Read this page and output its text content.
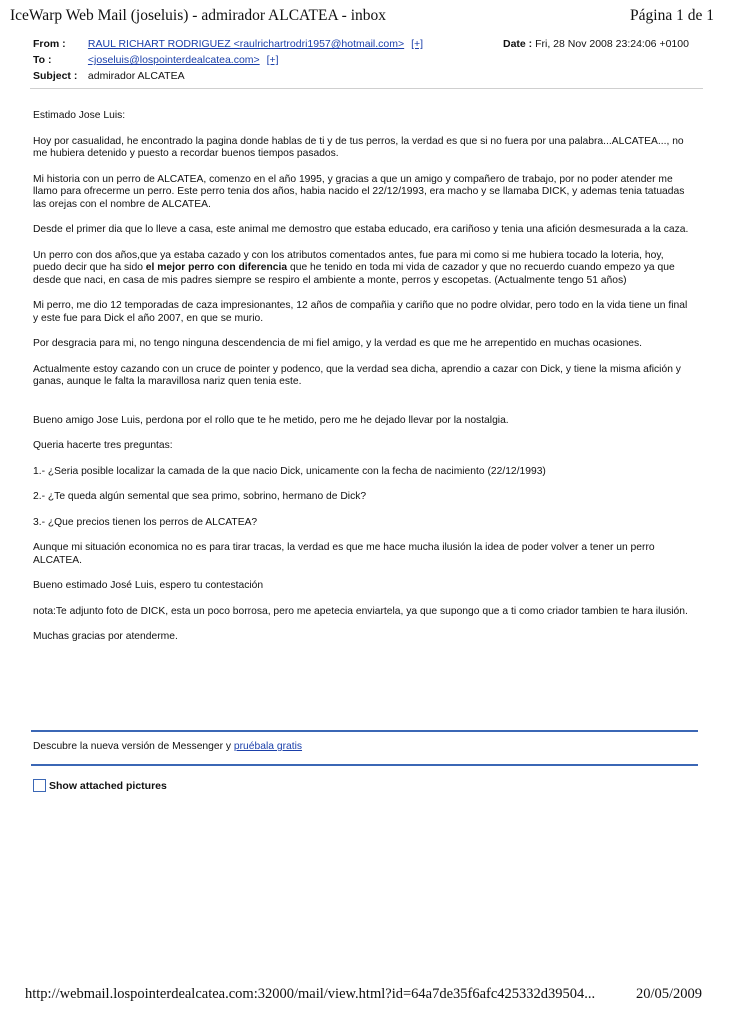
IceWarp Web Mail (joseluis) - admirador ALCATEA - inbox	Página 1 de 1
From : RAUL RICHART RODRIGUEZ <raulrichartrodri1957@hotmail.com> [+]
To :	<joseluis@lospointerdealcatea.com> [+]
Subject : admirador ALCATEA
Date : Fri, 28 Nov 2008 23:24:06 +0100

Estimado Jose Luis:

Hoy por casualidad, he encontrado la pagina donde hablas de ti y de tus perros, la verdad es que si no fuera por una palabra...ALCATEA..., no me hubiera detenido y puesto a recordar buenos tiempos pasados.

Mi historia con un perro de ALCATEA, comenzo en el año 1995, y gracias a que un amigo y compañero de trabajo, por no poder atender me llamo para ofrecerme un perro. Este perro tenia dos años, habia nacido el 22/12/1993, era macho y se llamaba DICK, y ademas tenia tatuadas las orejas con el nombre de ALCATEA.

Desde el primer dia que lo lleve a casa, este animal me demostro que estaba educado, era cariñoso y tenia una afición desmesurada a la caza.

Un perro con dos años,que ya estaba cazado y con los atributos comentados antes, fue para mi como si me hubiera tocado la loteria, hoy, puedo decir que ha sido el mejor perro con diferencia que he tenido en toda mi vida de cazador y que no recuerdo cuando empezo ya que desde que naci, en casa de mis padres siempre se respiro el ambiente a monte, perros y escopetas. (Actualmente tengo 51 años)

Mi perro, me dio 12 temporadas de caza impresionantes, 12 años de compañia y cariño que no podre olvidar, pero todo en la vida tiene un final y este fue para Dick el año 2007, en que se murio.

Por desgracia para mi, no tengo ninguna descendencia de mi fiel amigo, y la verdad es que me he arrepentido en muchas ocasiones.

Actualmente estoy cazando con un cruce de pointer y podenco, que la verdad sea dicha, aprendio a cazar con Dick, y tiene la misma afición y ganas, aunque le falta la maravillosa nariz quen tenia este.

Bueno amigo Jose Luis, perdona por el rollo que te he metido, pero me he dejado llevar por la nostalgia.

Queria hacerte tres preguntas:

1.- ¿Seria posible localizar la camada de la que nacio Dick, unicamente con la fecha de nacimiento (22/12/1993)

2.- ¿Te queda algún semental que sea primo, sobrino, hermano de Dick?

3.- ¿Que precios tienen los perros de ALCATEA?

Aunque mi situación economica no es para tirar tracas, la verdad es que me hace mucha ilusión la idea de poder volver a tener un perro ALCATEA.

Bueno estimado José Luis, espero tu contestación

nota:Te adjunto foto de DICK, esta un poco borrosa, pero me apetecia enviartela, ya que supongo que a ti como criador tambien te hara ilusión.

Muchas gracias por atenderme.

Descubre la nueva versión de Messenger y pruébala gratis
Show attached pictures
http://webmail.lospointerdealcatea.com:32000/mail/view.html?id=64a7de35f6afc425332d39504...	20/05/2009
